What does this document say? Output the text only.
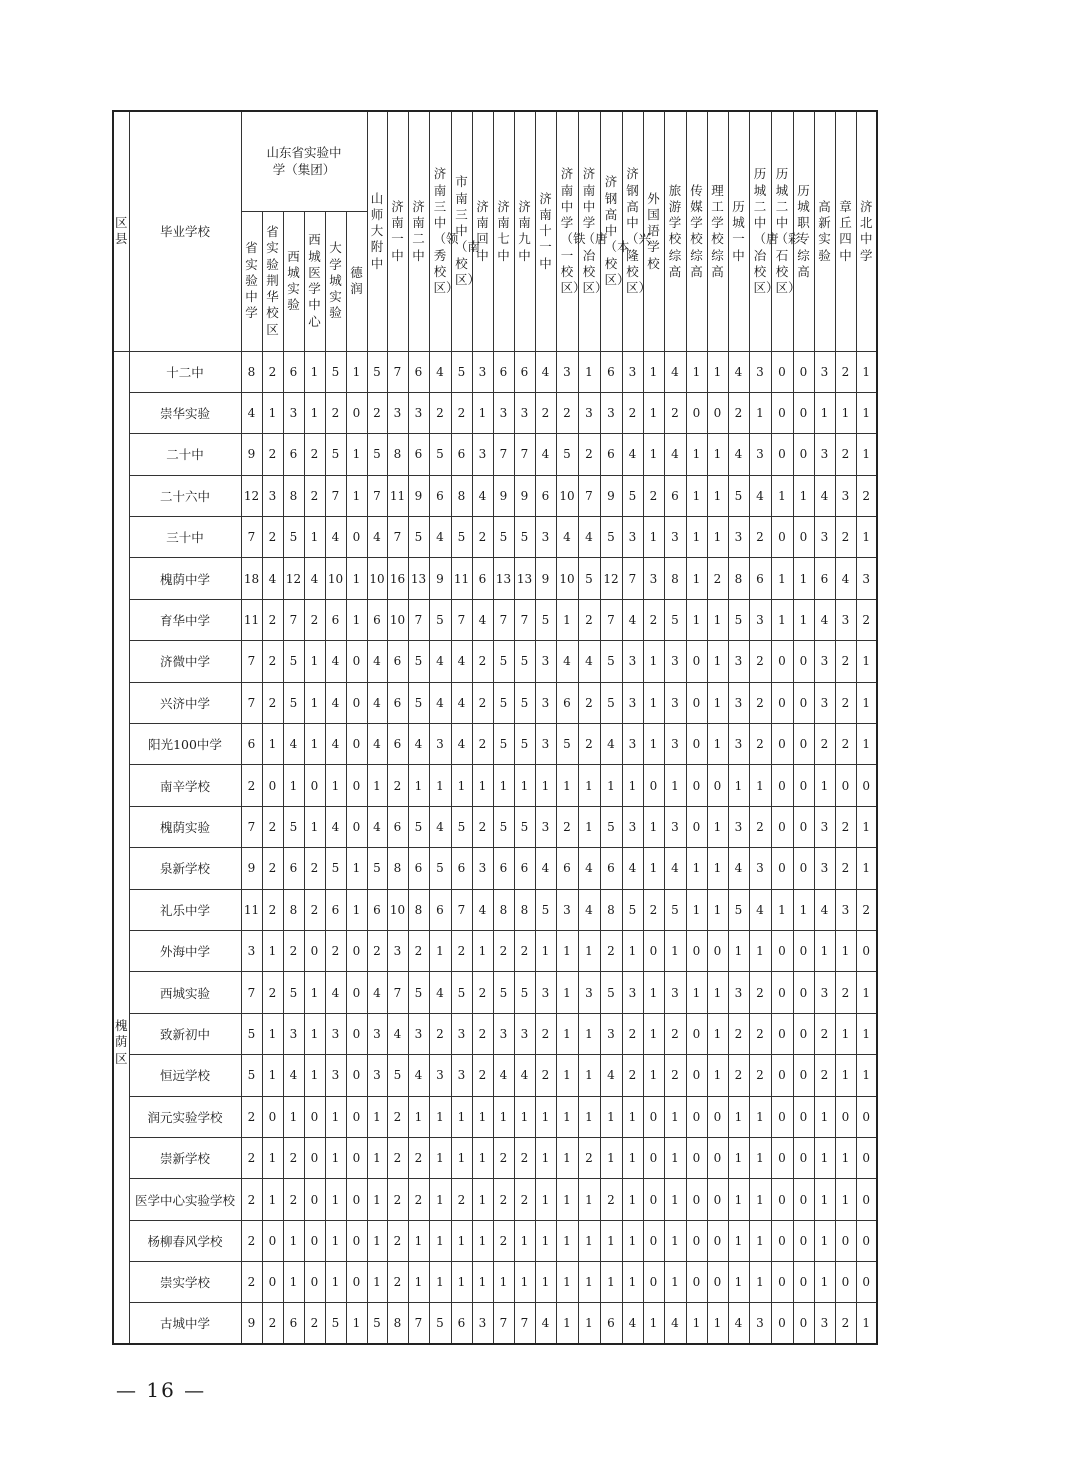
区县	毕业学校	山东省实验中学（集团）						山师大附中	济南一中	济南二中	济南三中（领秀校区）	市南三中（南校区）	济南回中	济南七中	济南九中	济南十一中	济南中学（铁一校区）	济南中学（唐冶校区）	济钢高中（本校区）	济钢高中（兴隆校区）	外国语学校	旅游学校综高	传媒学校综高	理工学校综高	历城一中	历城二中（唐冶校区）	历城二中（彩石校区）	历城职专综高	高新实验	章丘四中	济北中学
		省实验中学	省实验荆华校区	西城实验	西城医学中心	大学城实验	德润																								
槐荫区	十二中	8	2	6	1	5	1	5	7	6	4	5	3	6	6	4	3	1	6	3	1	4	1	1	4	3	0	0	3	2	1
	崇华实验	4	1	3	1	2	0	2	3	3	2	2	1	3	3	2	2	3	3	2	1	2	0	0	2	1	0	0	1	1	1
	二十中	9	2	6	2	5	1	5	8	6	5	6	3	7	7	4	5	2	6	4	1	4	1	1	4	3	0	0	3	2	1
	二十六中	12	3	8	2	7	1	7	11	9	6	8	4	9	9	6	10	7	9	5	2	6	1	1	5	4	1	1	4	3	2
	三十中	7	2	5	1	4	0	4	7	5	4	5	2	5	5	3	4	4	5	3	1	3	1	1	3	2	0	0	3	2	1
	槐荫中学	18	4	12	4	10	1	10	16	13	9	11	6	13	13	9	10	5	12	7	3	8	1	2	8	6	1	1	6	4	3
	育华中学	11	2	7	2	6	1	6	10	7	5	7	4	7	7	5	1	2	7	4	2	5	1	1	5	3	1	1	4	3	2
	济微中学	7	2	5	1	4	0	4	6	5	4	4	2	5	5	3	4	4	5	3	1	3	0	1	3	2	0	0	3	2	1
	兴济中学	7	2	5	1	4	0	4	6	5	4	4	2	5	5	3	6	2	5	3	1	3	0	1	3	2	0	0	3	2	1
	阳光100中学	6	1	4	1	4	0	4	6	4	3	4	2	5	5	3	5	2	4	3	1	3	0	1	3	2	0	0	2	2	1
	南辛学校	2	0	1	0	1	0	1	2	1	1	1	1	1	1	1	1	1	1	1	0	1	0	0	1	1	0	0	1	0	0
	槐荫实验	7	2	5	1	4	0	4	6	5	4	5	2	5	5	3	2	1	5	3	1	3	0	1	3	2	0	0	3	2	1
	泉新学校	9	2	6	2	5	1	5	8	6	5	6	3	6	6	4	6	4	6	4	1	4	1	1	4	3	0	0	3	2	1
	礼乐中学	11	2	8	2	6	1	6	10	8	6	7	4	8	8	5	3	4	8	5	2	5	1	1	5	4	1	1	4	3	2
	外海中学	3	1	2	0	2	0	2	3	2	1	2	1	2	2	1	1	1	2	1	0	1	0	0	1	1	0	0	1	1	0
	西城实验	7	2	5	1	4	0	4	7	5	4	5	2	5	5	3	1	3	5	3	1	3	1	1	3	2	0	0	3	2	1
	致新初中	5	1	3	1	3	0	3	4	3	2	3	2	3	3	2	1	1	3	2	1	2	0	1	2	2	0	0	2	1	1
	恒远学校	5	1	4	1	3	0	3	5	4	3	3	2	4	4	2	1	1	4	2	1	2	0	1	2	2	0	0	2	1	1
	润元实验学校	2	0	1	0	1	0	1	2	1	1	1	1	1	1	1	1	1	1	1	0	1	0	0	1	1	0	0	1	0	0
	崇新学校	2	1	2	0	1	0	1	2	2	1	1	1	2	2	1	1	2	1	1	0	1	0	0	1	1	0	0	1	1	0
	医学中心实验学校	2	1	2	0	1	0	1	2	2	1	2	1	2	2	1	1	1	2	1	0	1	0	0	1	1	0	0	1	1	0
	杨柳春风学校	2	0	1	0	1	0	1	2	1	1	1	1	2	1	1	1	1	1	1	0	1	0	0	1	1	0	0	1	0	0
	崇实学校	2	0	1	0	1	0	1	2	1	1	1	1	1	1	1	1	1	1	1	0	1	0	0	1	1	0	0	1	0	0
	古城中学	9	2	6	2	5	1	5	8	7	5	6	3	7	7	4	1	1	6	4	1	4	1	1	4	3	0	0	3	2	1
— 16 —
